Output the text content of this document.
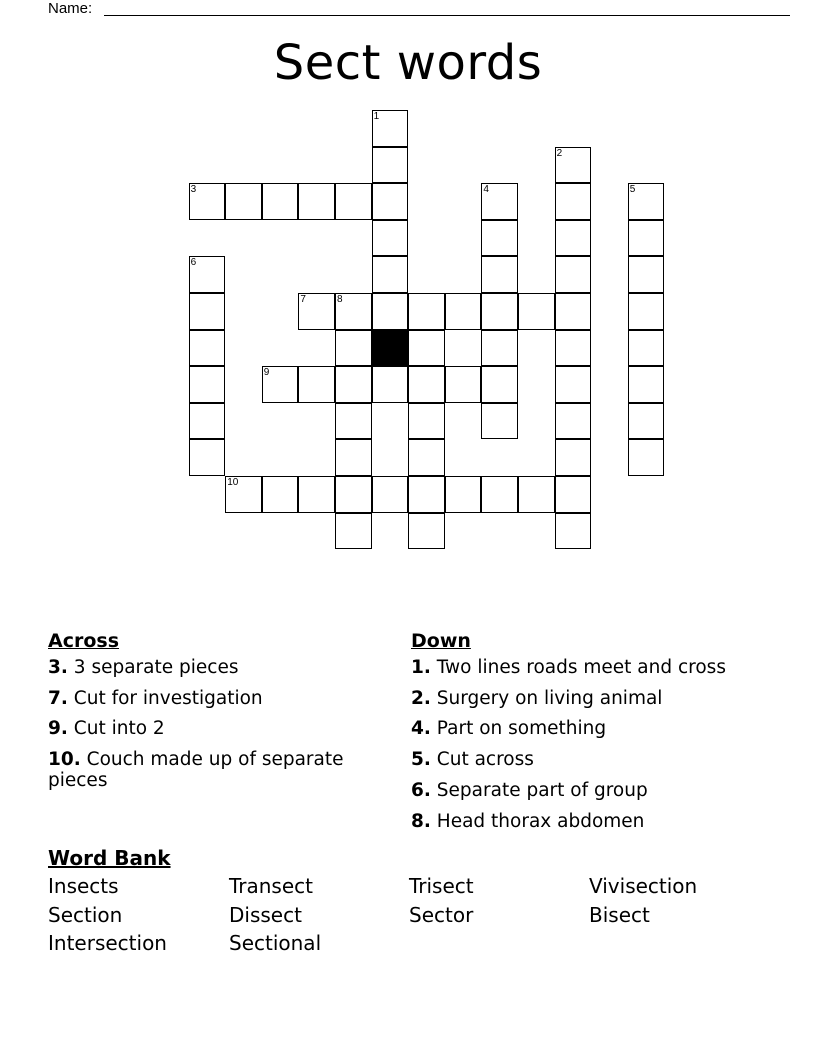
Name:
Sect words
1
2
3	4	5
6
7	8
9
10
Across
3. 3 separate pieces
7. Cut for investigation
9. Cut into 2
10. Couch made up of separate pieces
Down
1. Two lines roads meet and cross
2. Surgery on living animal
4. Part on something
5. Cut across
6. Separate part of group
8. Head thorax abdomen
Word Bank
Insects	Transect	Trisect	Vivisection
Section	Dissect	Sector	Bisect
Intersection	Sectional
